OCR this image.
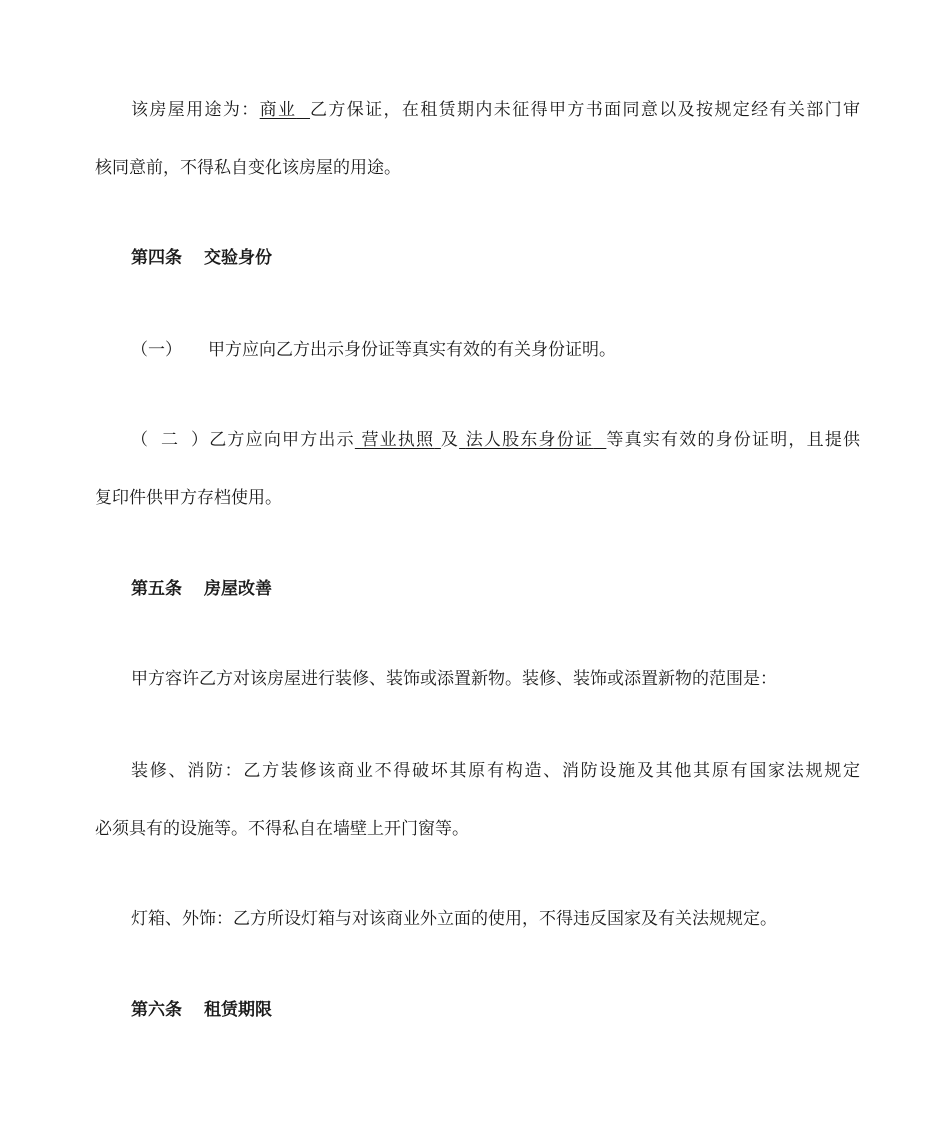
该房屋用途为：商业 乙方保证，在租赁期内未征得甲方书面同意以及按规定经有关部门审
核同意前，不得私自变化该房屋的用途。
第四条 交验身份
（一） 甲方应向乙方出示身份证等真实有效的有关身份证明。
（二）乙方应向甲方出示 营业执照 及 法人股东身份证 等真实有效的身份证明，且提供
复印件供甲方存档使用。
第五条 房屋改善
甲方容许乙方对该房屋进行装修、装饰或添置新物。装修、装饰或添置新物的范围是：
装修、消防：乙方装修该商业不得破坏其原有构造、消防设施及其他其原有国家法规规定
必须具有的设施等。不得私自在墙壁上开门窗等。
灯箱、外饰：乙方所设灯箱与对该商业外立面的使用，不得违反国家及有关法规规定。
第六条 租赁期限
